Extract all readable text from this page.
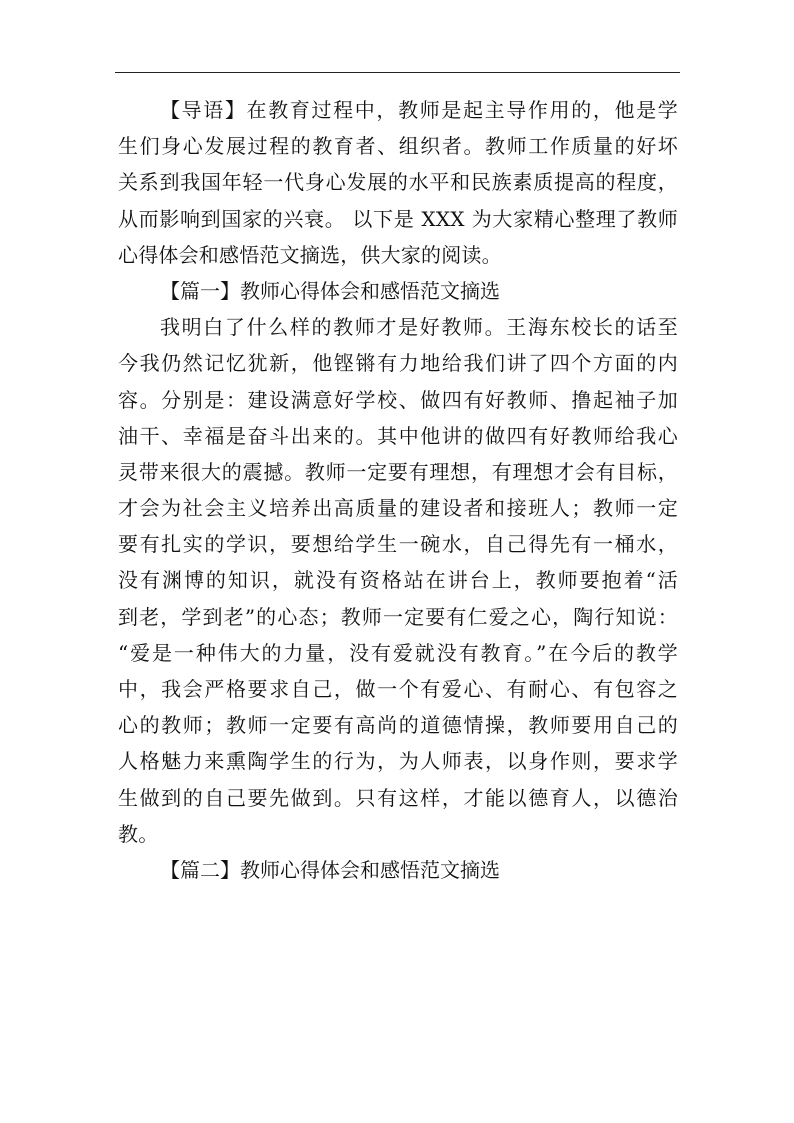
【导语】在教育过程中，教师是起主导作用的，他是学
生们身心发展过程的教育者、组织者。教师工作质量的好坏
关系到我国年轻一代身心发展的水平和民族素质提高的程度，
从而影响到国家的兴衰。 以下是 XXX 为大家精心整理了教师
心得体会和感悟范文摘选，供大家的阅读。
【篇一】教师心得体会和感悟范文摘选
我明白了什么样的教师才是好教师。王海东校长的话至
今我仍然记忆犹新，他铿锵有力地给我们讲了四个方面的内
容。分别是：建设满意好学校、做四有好教师、撸起袖子加
油干、幸福是奋斗出来的。其中他讲的做四有好教师给我心
灵带来很大的震撼。教师一定要有理想，有理想才会有目标，
才会为社会主义培养出高质量的建设者和接班人；教师一定
要有扎实的学识，要想给学生一碗水，自己得先有一桶水，
没有渊博的知识，就没有资格站在讲台上，教师要抱着“活
到老，学到老”的心态；教师一定要有仁爱之心，陶行知说：
“爱是一种伟大的力量，没有爱就没有教育。”在今后的教学
中，我会严格要求自己，做一个有爱心、有耐心、有包容之
心的教师；教师一定要有高尚的道德情操，教师要用自己的
人格魅力来熏陶学生的行为，为人师表，以身作则，要求学
生做到的自己要先做到。只有这样，才能以德育人，以德治
教。
【篇二】教师心得体会和感悟范文摘选
